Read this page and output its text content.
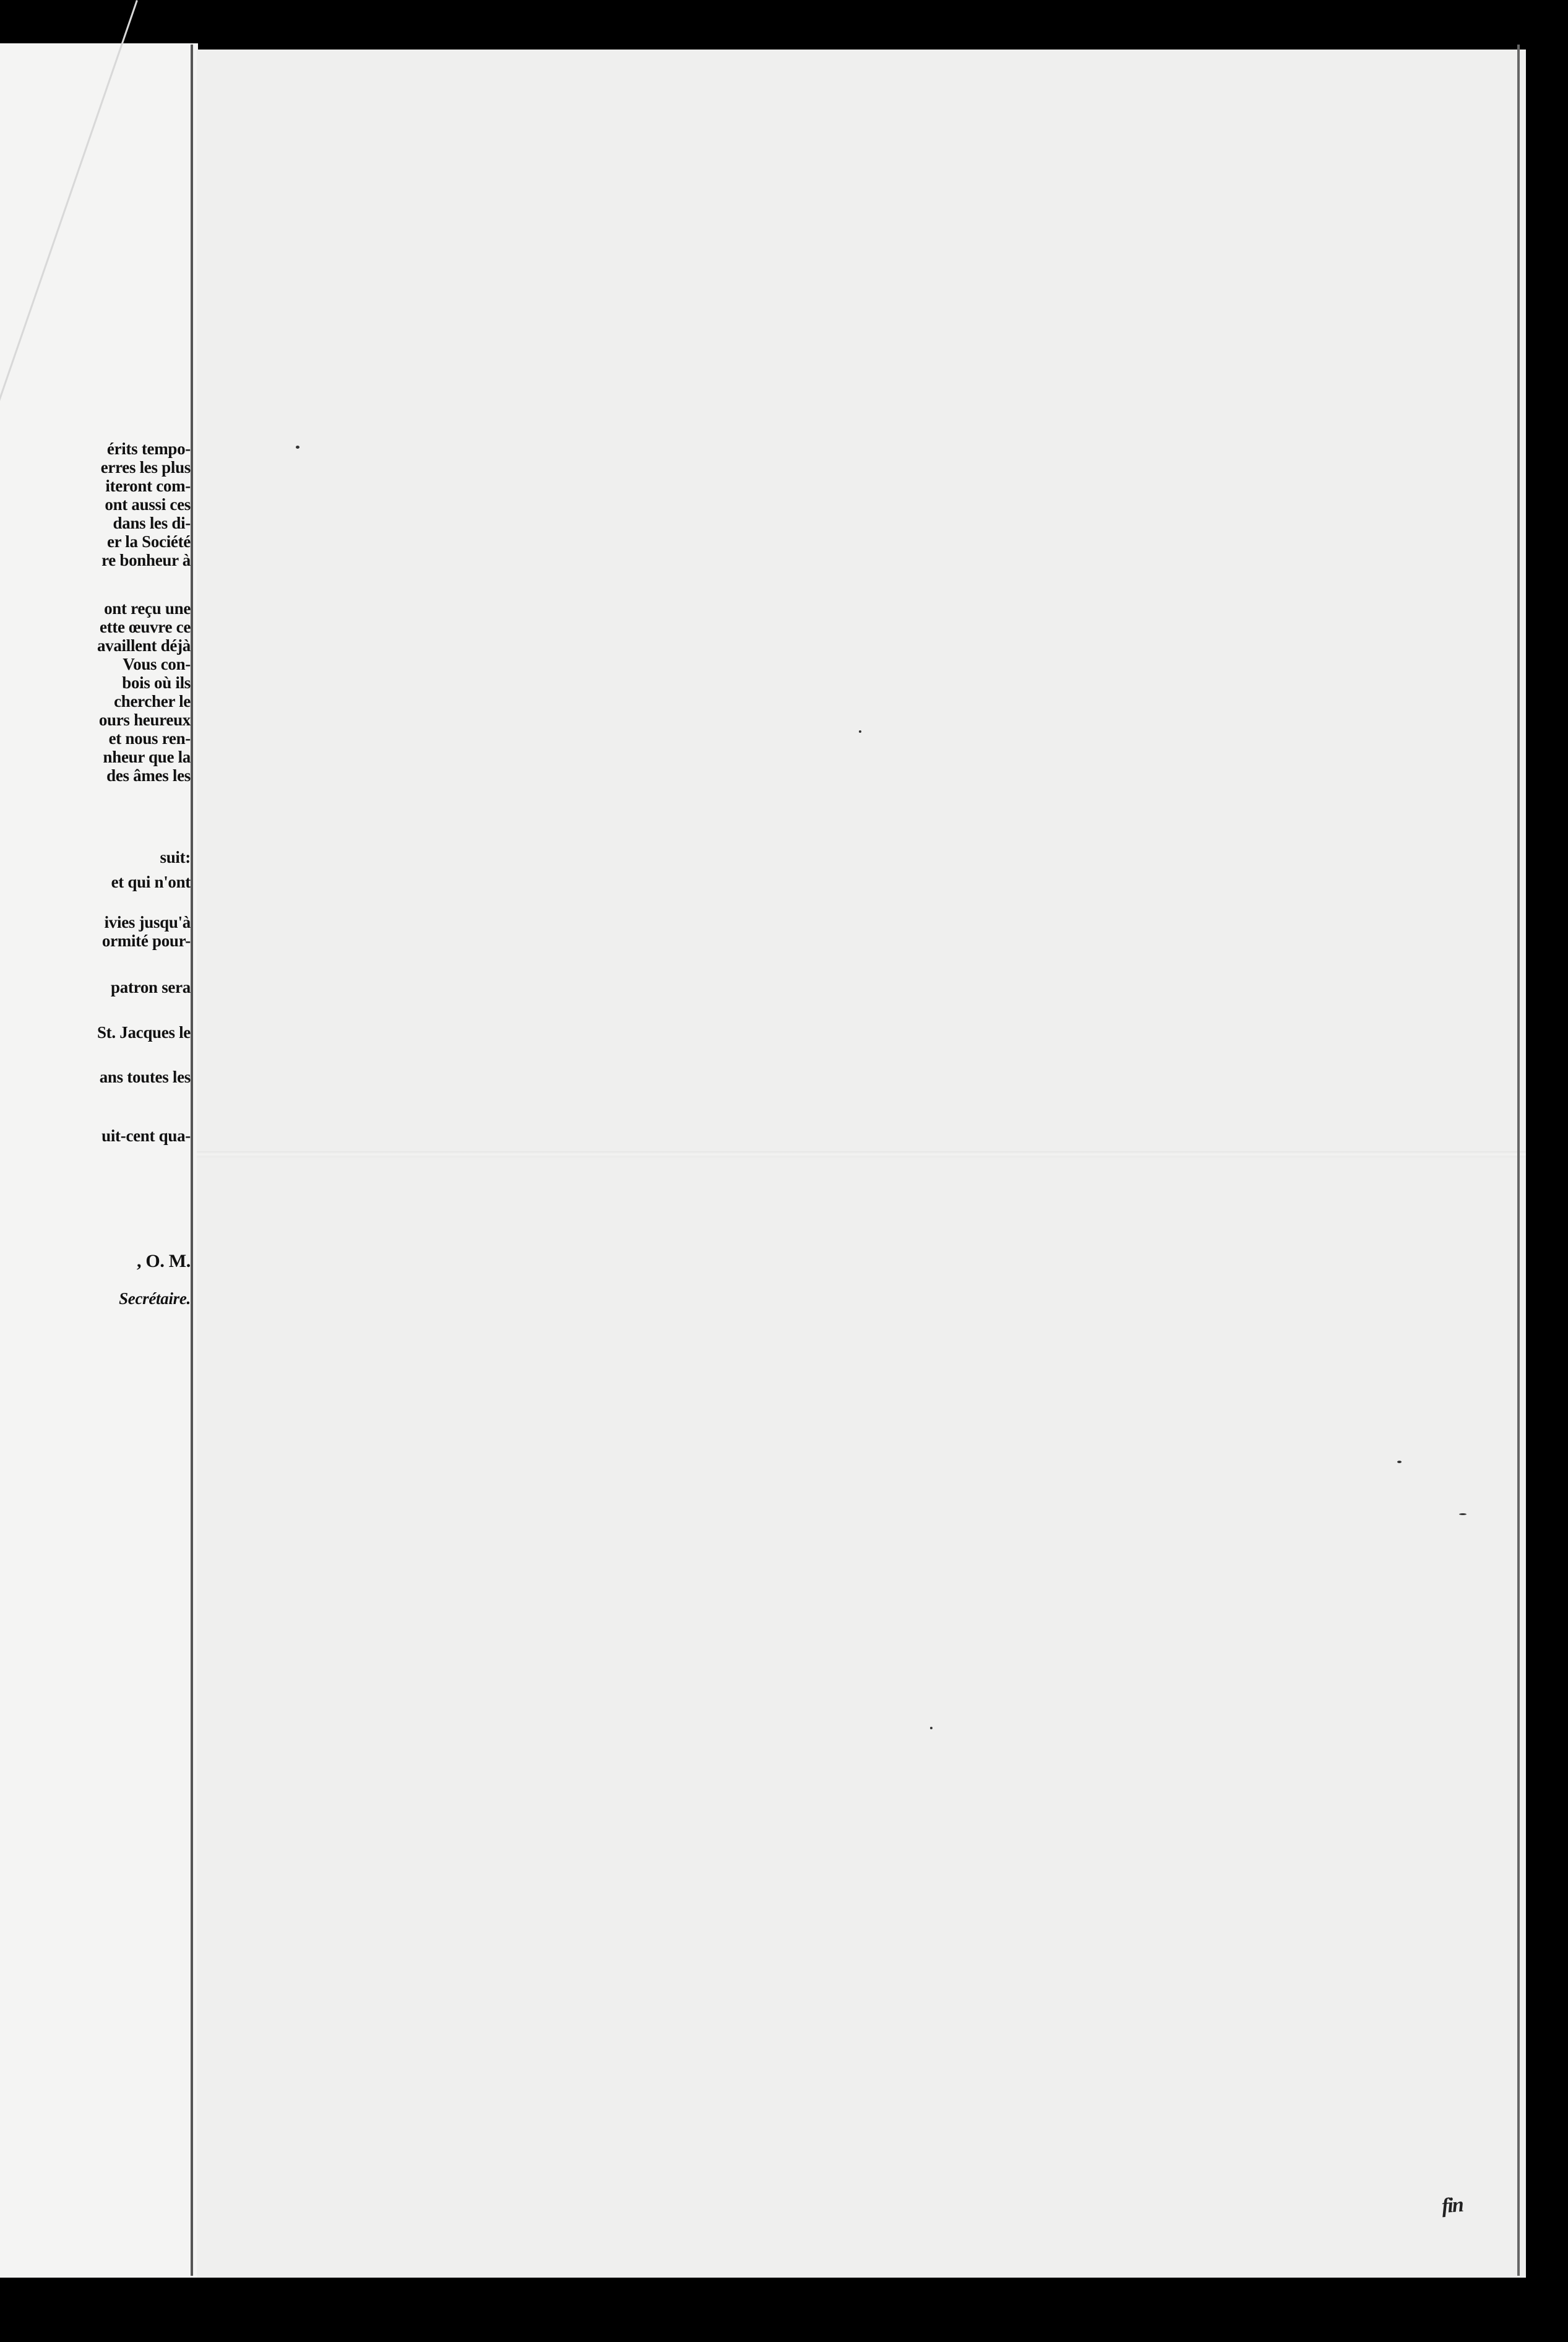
érits tempo-
erres les plus
iteront com-
ont aussi ces
dans les di-
er la Société
re bonheur à
ont reçu une
ette œuvre ce
availlent déjà
Vous con-
bois où ils
chercher le
ours heureux
et nous ren-
nheur que la
des âmes les
suit:
et qui n'ont
ivies jusqu'à
ormité pour-
patron sera
St. Jacques le
ans toutes les
uit-cent qua-
, O. M.
Secrétaire.
fin
